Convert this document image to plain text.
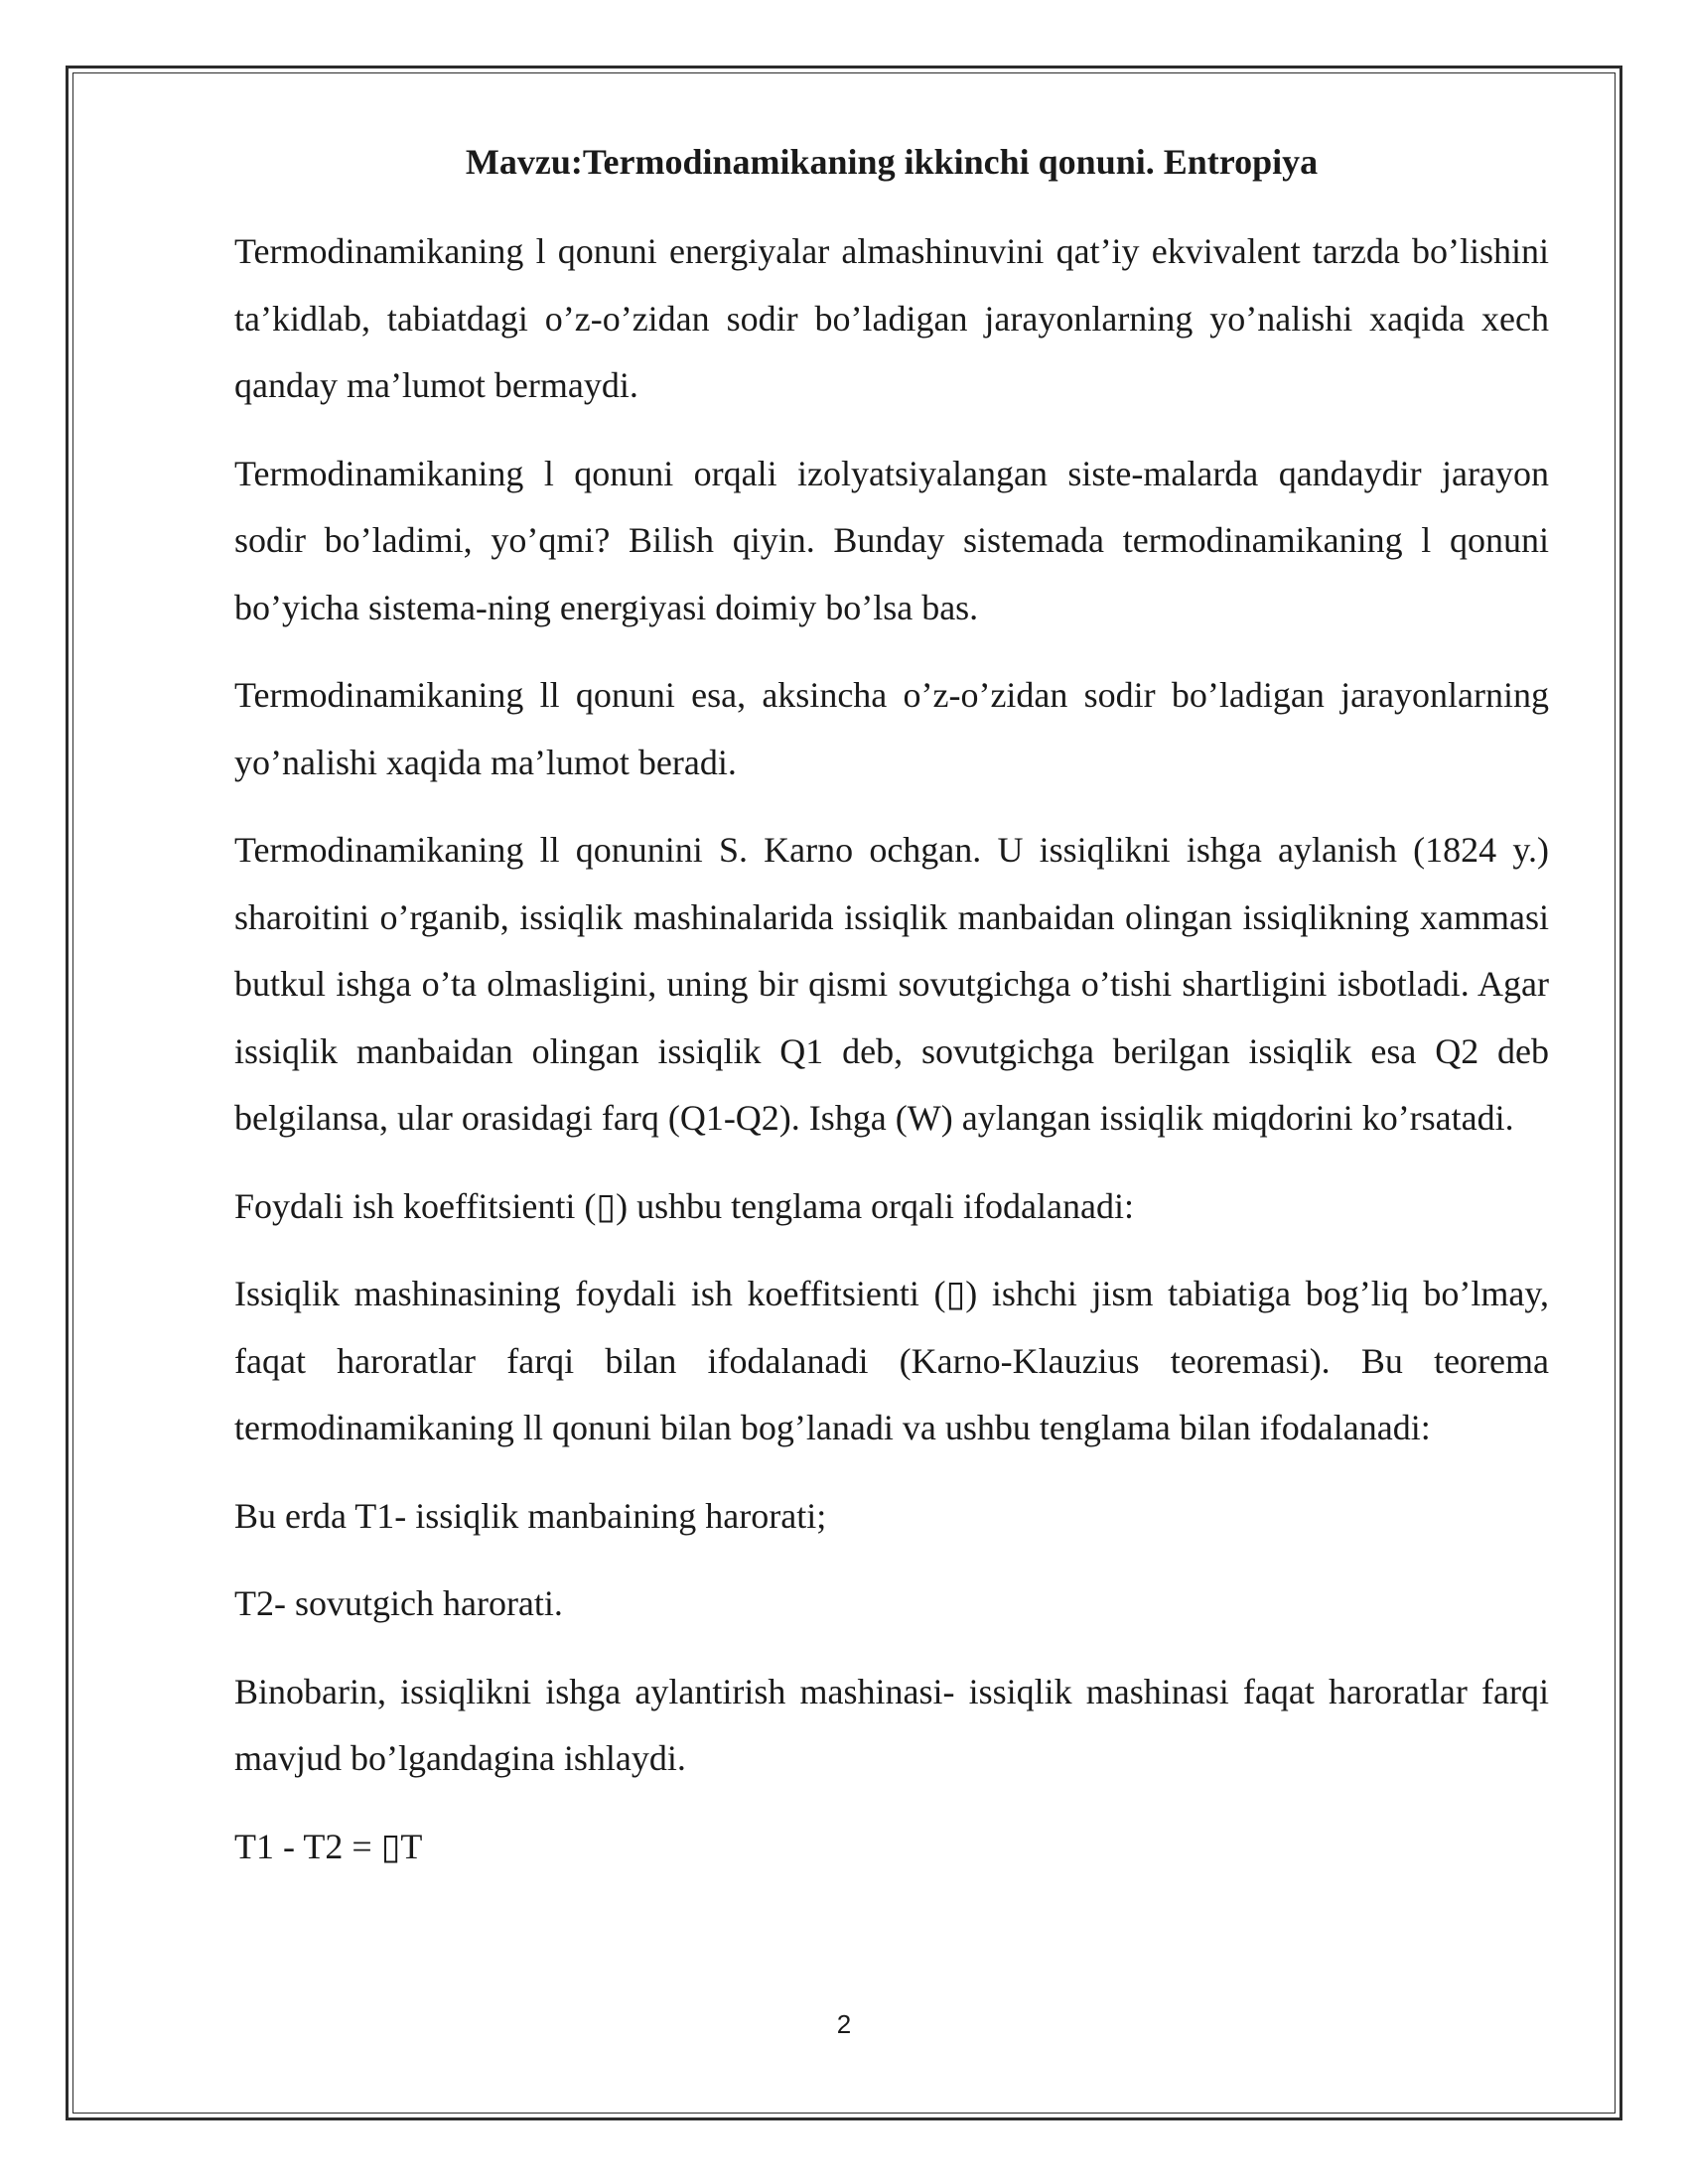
Mavzu:Termodinamikaning ikkinchi qonuni. Entropiya

Termodinamikaning l qonuni energiyalar almashinuvini qat’iy ekvivalent tarzda bo’lishini ta’kidlab, tabiatdagi o’z-o’zidan sodir bo’ladigan jarayonlarning yo’nalishi xaqida xech qanday ma’lumot bermaydi.

Termodinamikaning l qonuni orqali izolyatsiyalangan siste-malarda qandaydir jarayon sodir bo’ladimi, yo’qmi? Bilish qiyin. Bunday sistemada termodinamikaning l qonuni bo’yicha sistema-ning energiyasi doimiy bo’lsa bas.

Termodinamikaning ll qonuni esa, aksincha o’z-o’zidan sodir bo’ladigan jarayonlarning yo’nalishi xaqida ma’lumot beradi.

Termodinamikaning ll qonunini S. Karno ochgan. U issiqlikni ishga aylanish (1824 y.) sharoitini o’rganib, issiqlik mashinalarida issiqlik manbaidan olingan issiqlikning xammasi butkul ishga o’ta olmasligini, uning bir qismi sovutgichga o’tishi shartligini isbotladi. Agar issiqlik manbaidan olingan issiqlik Q1 deb, sovutgichga berilgan issiqlik esa Q2 deb belgilansa, ular orasidagi farq (Q1-Q2). Ishga (W) aylangan issiqlik miqdorini ko’rsatadi.

Foydali ish koeffitsienti (▯) ushbu tenglama orqali ifodalanadi:

Issiqlik mashinasining foydali ish koeffitsienti (▯) ishchi jism tabiatiga bog’liq bo’lmay, faqat haroratlar farqi bilan ifodalanadi (Karno-Klauzius teoremasi). Bu teorema termodinamikaning ll qonuni bilan bog’lanadi va ushbu tenglama bilan ifodalanadi:

Bu erda T1- issiqlik manbaining harorati;

T2- sovutgich harorati.

Binobarin, issiqlikni ishga aylantirish mashinasi- issiqlik mashinasi faqat haroratlar farqi mavjud bo’lgandagina ishlaydi.

T1 - T2 = ▯T

2
